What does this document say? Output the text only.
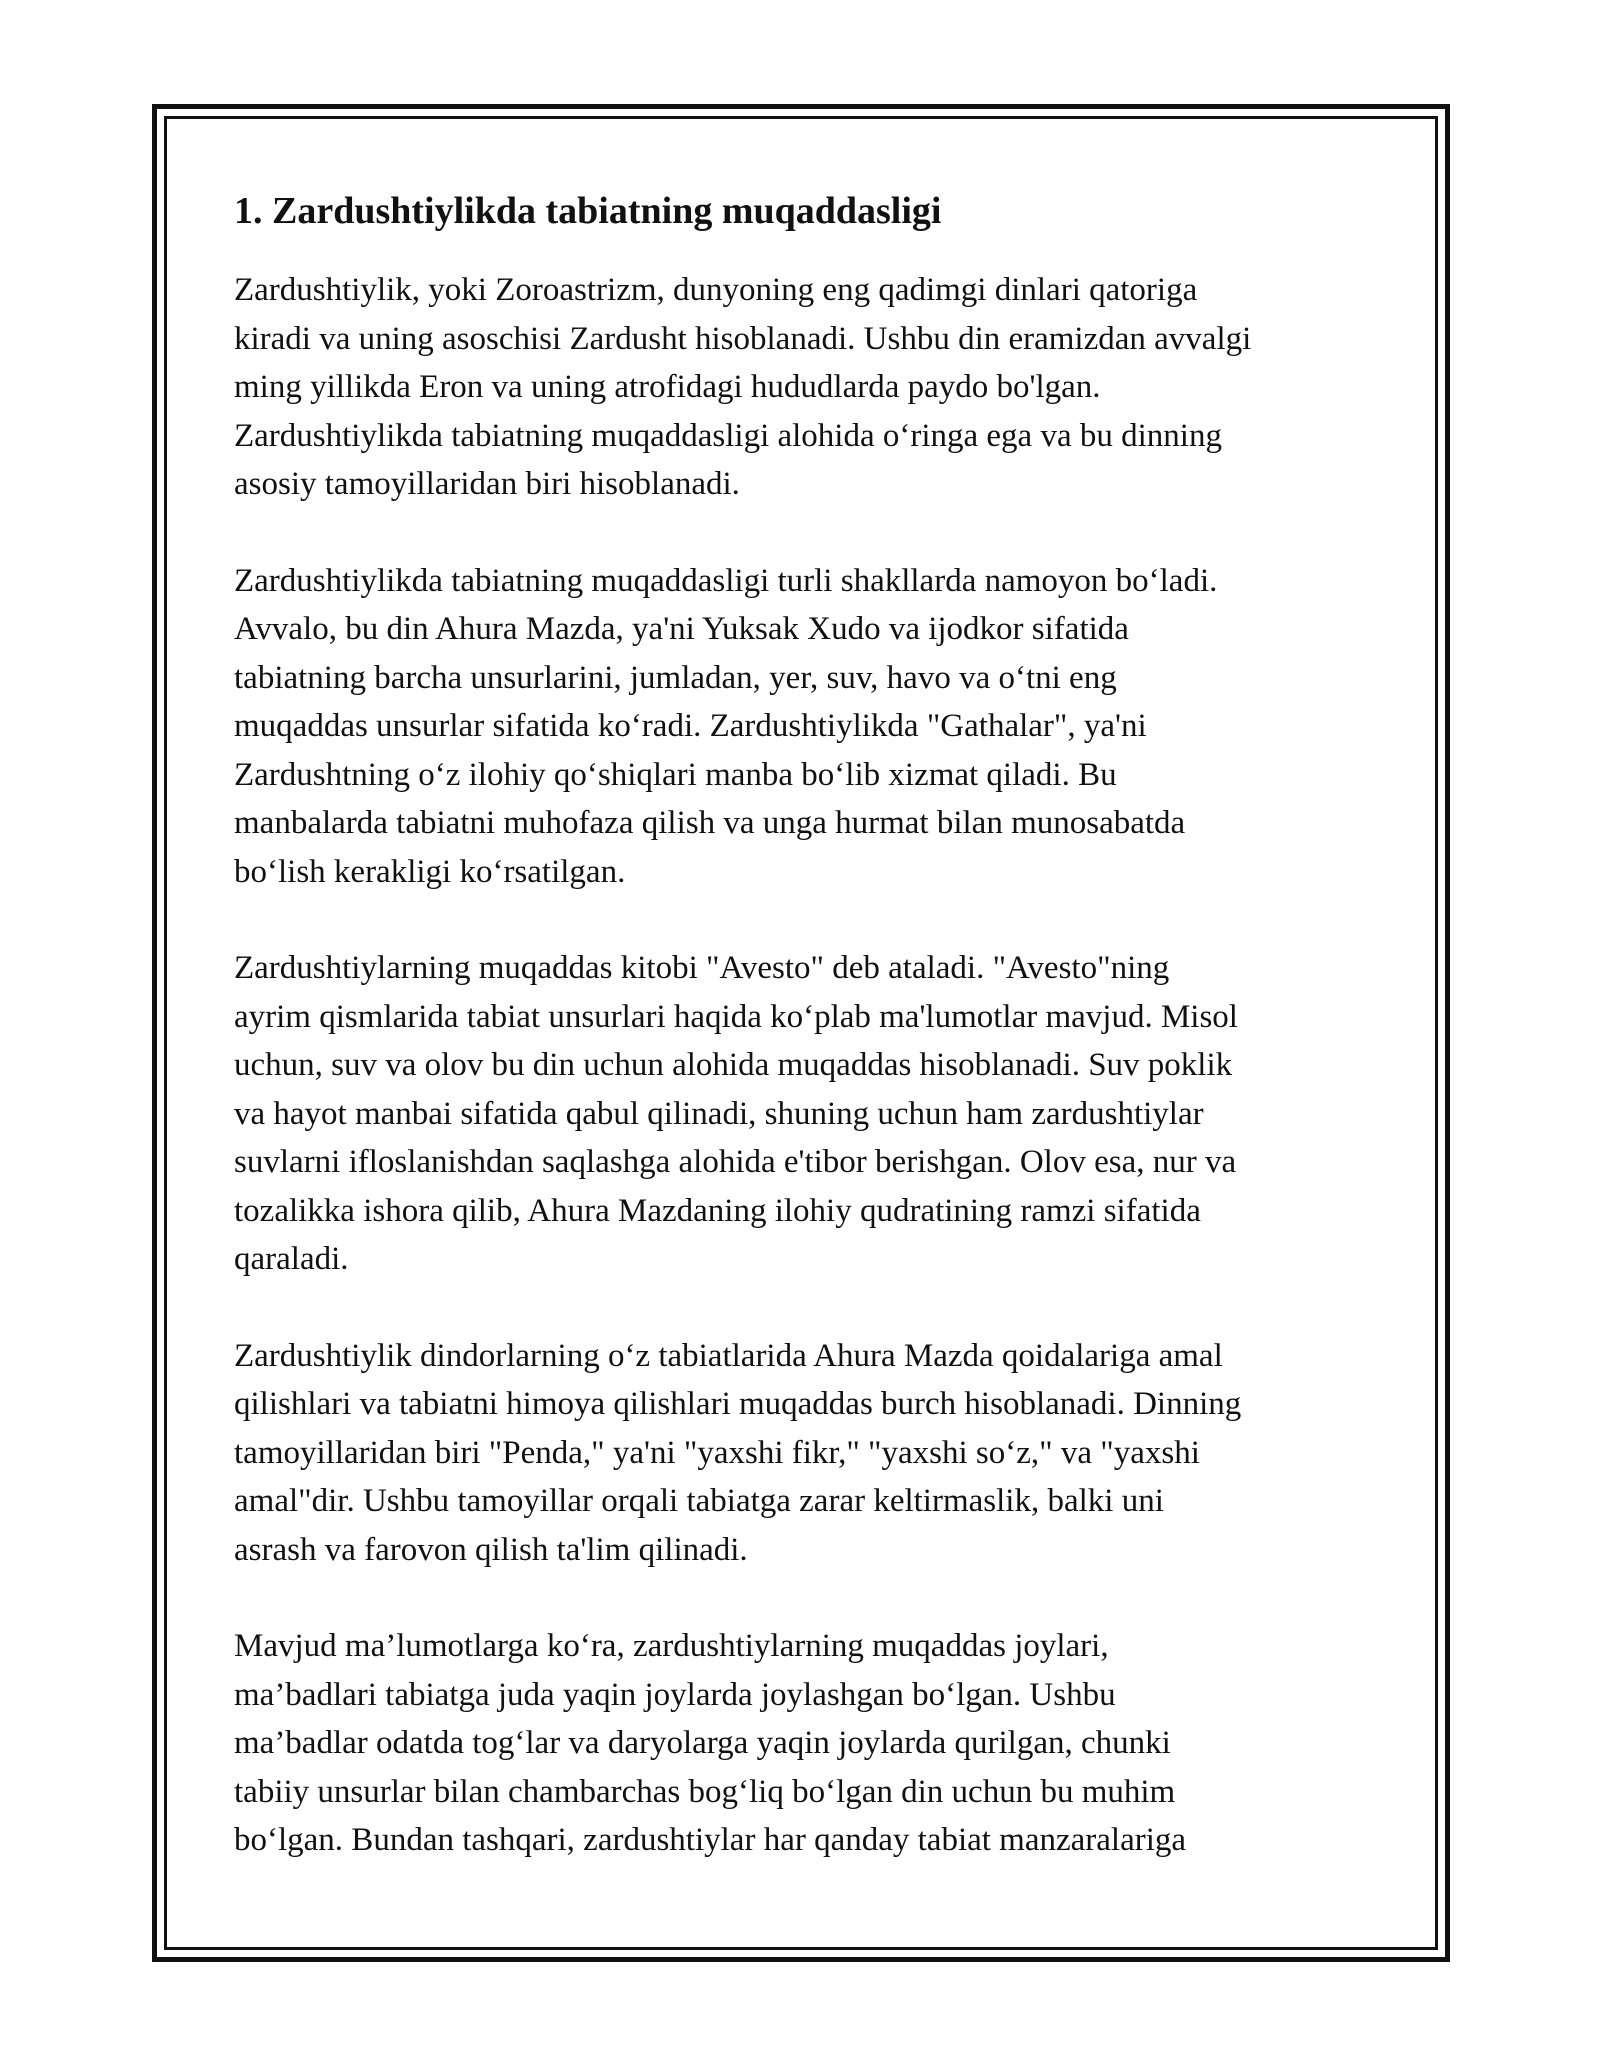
1. Zardushtiylikda tabiatning muqaddasligi

Zardushtiylik, yoki Zoroastrizm, dunyoning eng qadimgi dinlari qatoriga
kiradi va uning asoschisi Zardusht hisoblanadi. Ushbu din eramizdan avvalgi
ming yillikda Eron va uning atrofidagi hududlarda paydo bo'lgan.
Zardushtiylikda tabiatning muqaddasligi alohida o‘ringa ega va bu dinning
asosiy tamoyillaridan biri hisoblanadi.

Zardushtiylikda tabiatning muqaddasligi turli shakllarda namoyon bo‘ladi.
Avvalo, bu din Ahura Mazda, ya'ni Yuksak Xudo va ijodkor sifatida
tabiatning barcha unsurlarini, jumladan, yer, suv, havo va o‘tni eng
muqaddas unsurlar sifatida ko‘radi. Zardushtiylikda "Gathalar", ya'ni
Zardushtning o‘z ilohiy qo‘shiqlari manba bo‘lib xizmat qiladi. Bu
manbalarda tabiatni muhofaza qilish va unga hurmat bilan munosabatda
bo‘lish kerakligi ko‘rsatilgan.

Zardushtiylarning muqaddas kitobi "Avesto" deb ataladi. "Avesto"ning
ayrim qismlarida tabiat unsurlari haqida ko‘plab ma'lumotlar mavjud. Misol
uchun, suv va olov bu din uchun alohida muqaddas hisoblanadi. Suv poklik
va hayot manbai sifatida qabul qilinadi, shuning uchun ham zardushtiylar
suvlarni ifloslanishdan saqlashga alohida e'tibor berishgan. Olov esa, nur va
tozalikka ishora qilib, Ahura Mazdaning ilohiy qudratining ramzi sifatida
qaraladi.

Zardushtiylik dindorlarning o‘z tabiatlarida Ahura Mazda qoidalariga amal
qilishlari va tabiatni himoya qilishlari muqaddas burch hisoblanadi. Dinning
tamoyillaridan biri "Penda," ya'ni "yaxshi fikr," "yaxshi so‘z," va "yaxshi
amal"dir. Ushbu tamoyillar orqali tabiatga zarar keltirmaslik, balki uni
asrash va farovon qilish ta'lim qilinadi.

Mavjud ma’lumotlarga ko‘ra, zardushtiylarning muqaddas joylari,
ma’badlari tabiatga juda yaqin joylarda joylashgan bo‘lgan. Ushbu
ma’badlar odatda tog‘lar va daryolarga yaqin joylarda qurilgan, chunki
tabiiy unsurlar bilan chambarchas bog‘liq bo‘lgan din uchun bu muhim
bo‘lgan. Bundan tashqari, zardushtiylar har qanday tabiat manzaralariga
